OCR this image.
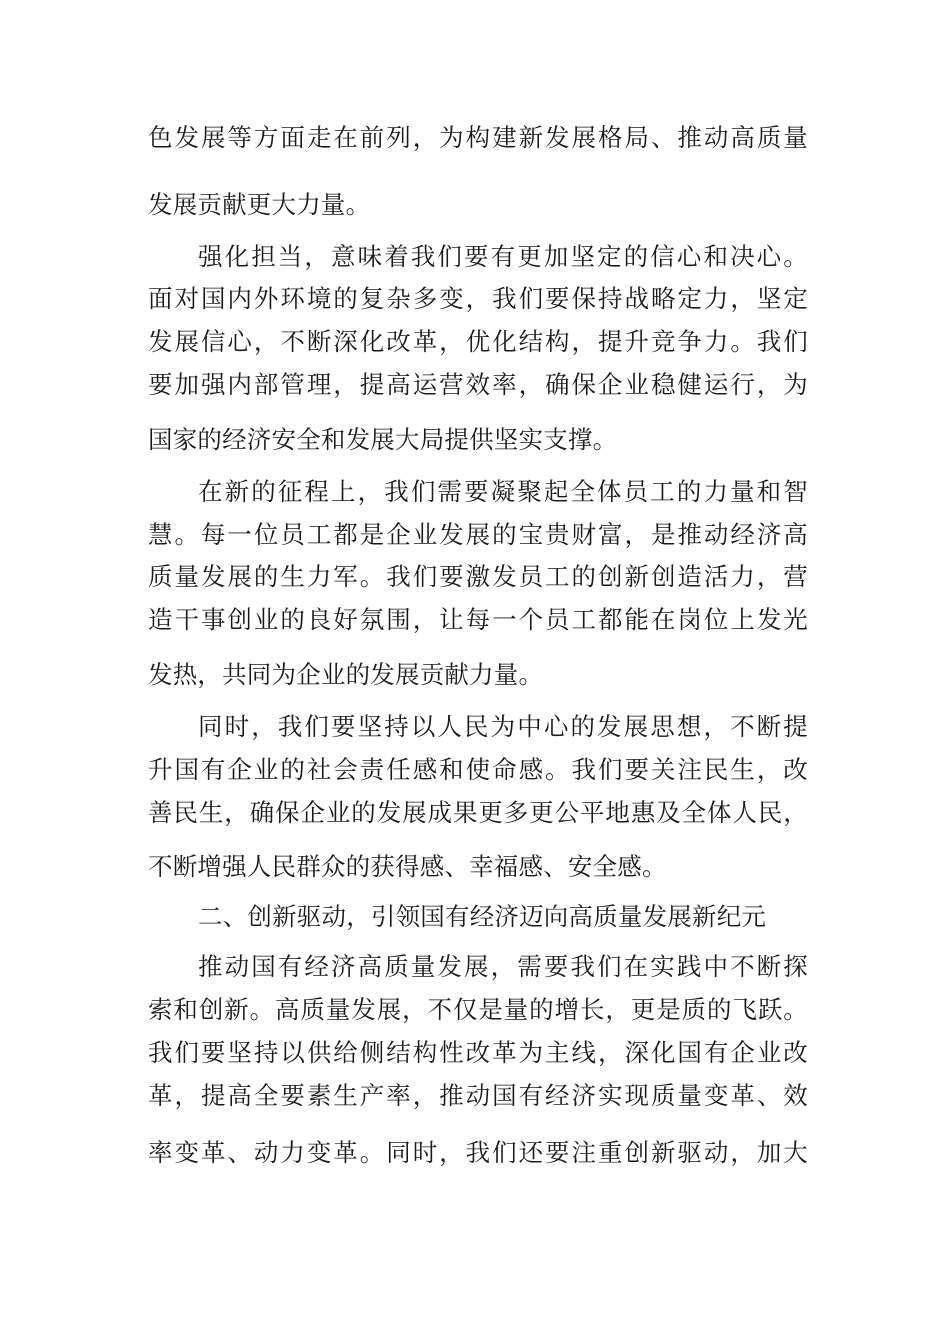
色发展等方面走在前列，为构建新发展格局、推动高质量
发展贡献更大力量。
强化担当，意味着我们要有更加坚定的信心和决心。
面对国内外环境的复杂多变，我们要保持战略定力，坚定
发展信心，不断深化改革，优化结构，提升竞争力。我们
要加强内部管理，提高运营效率，确保企业稳健运行，为
国家的经济安全和发展大局提供坚实支撑。
在新的征程上，我们需要凝聚起全体员工的力量和智
慧。每一位员工都是企业发展的宝贵财富，是推动经济高
质量发展的生力军。我们要激发员工的创新创造活力，营
造干事创业的良好氛围，让每一个员工都能在岗位上发光
发热，共同为企业的发展贡献力量。
同时，我们要坚持以人民为中心的发展思想，不断提
升国有企业的社会责任感和使命感。我们要关注民生，改
善民生，确保企业的发展成果更多更公平地惠及全体人民，
不断增强人民群众的获得感、幸福感、安全感。
二、创新驱动，引领国有经济迈向高质量发展新纪元
推动国有经济高质量发展，需要我们在实践中不断探
索和创新。高质量发展，不仅是量的增长，更是质的飞跃。
我们要坚持以供给侧结构性改革为主线，深化国有企业改
革，提高全要素生产率，推动国有经济实现质量变革、效
率变革、动力变革。同时，我们还要注重创新驱动，加大
